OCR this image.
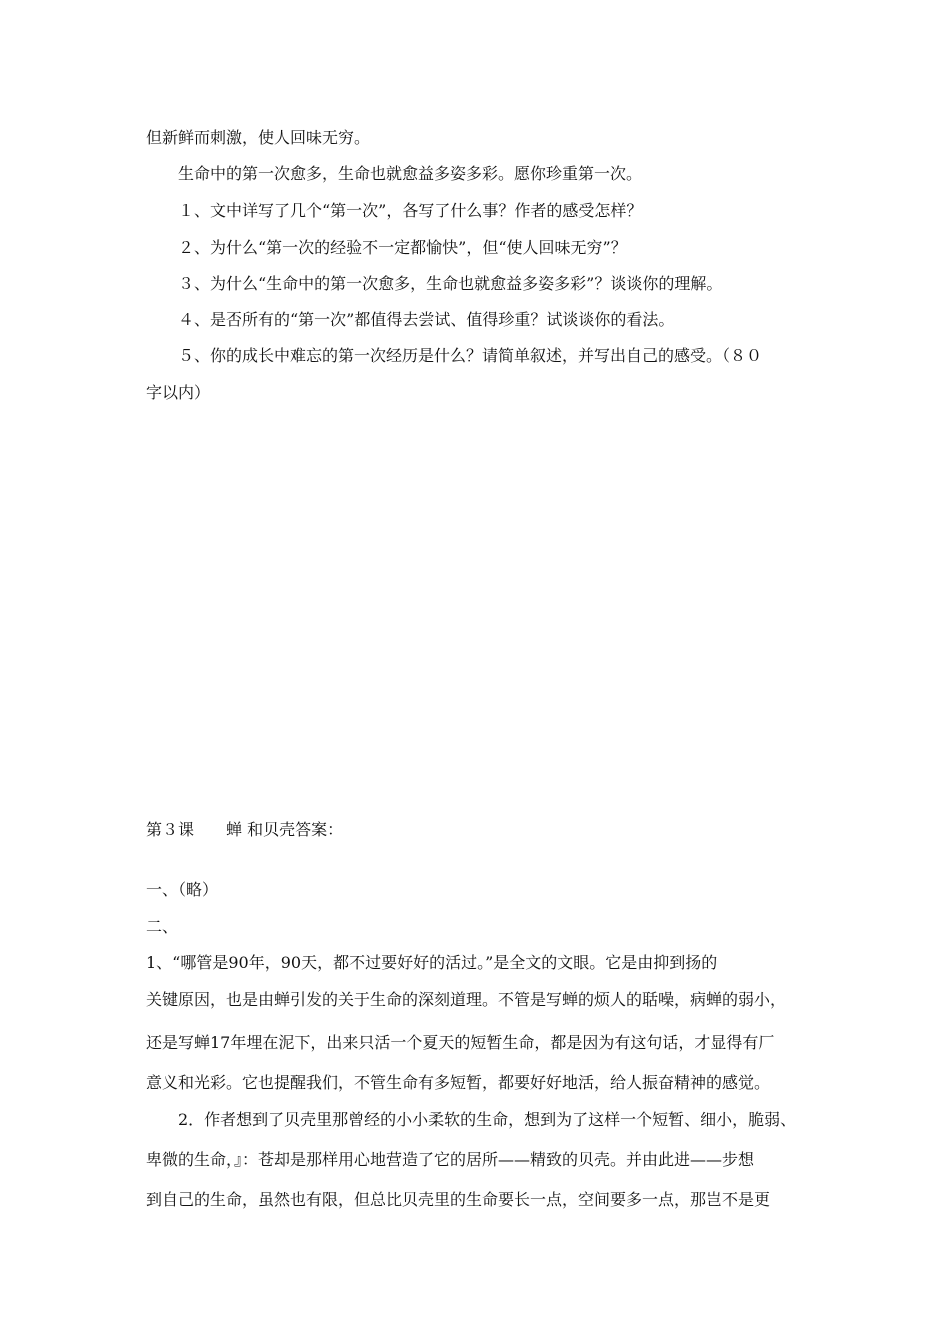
但新鲜而刺激，使人回味无穷。
生命中的第一次愈多，生命也就愈益多姿多彩。愿你珍重第一次。
１、文中详写了几个“第一次”，各写了什么事？作者的感受怎样？
２、为什么“第一次的经验不一定都愉快”，但“使人回味无穷”？
３、为什么“生命中的第一次愈多，生命也就愈益多姿多彩”？谈谈你的理解。
４、是否所有的“第一次”都值得去尝试、值得珍重？试谈谈你的看法。
５、你的成长中难忘的第一次经历是什么？请简单叙述，并写出自己的感受。（８０
字以内）
第３课　　蝉 和贝壳答案：
一、（略）
二、
1、“哪管是90年，90天，都不过要好好的活过。”是全文的文眼。它是由抑到扬的
关键原因，也是由蝉引发的关于生命的深刻道理。不管是写蝉的烦人的聒噪，病蝉的弱小，
还是写蝉17年埋在泥下，出来只活一个夏天的短暂生命，都是因为有这句话，才显得有厂
意义和光彩。它也提醒我们，不管生命有多短暂，都要好好地活，给人振奋精神的感觉。
2．作者想到了贝壳里那曾经的小小柔软的生命，想到为了这样一个短暂、细小，脆弱、
卑微的生命，』：苍却是那样用心地营造了它的居所——精致的贝壳。并由此进——步想
到自己的生命，虽然也有限，但总比贝壳里的生命要长一点，空间要多一点，那岂不是更
